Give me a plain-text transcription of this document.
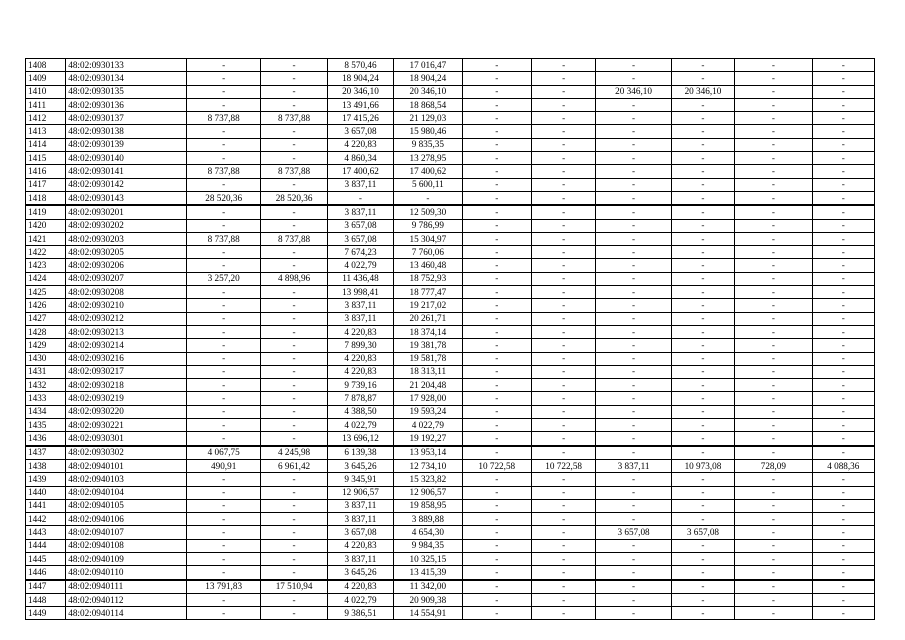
1408	48:02:0930133	-	-	8 570,46	17 016,47	-	-	-	-	-	-
1409	48:02:0930134	-	-	18 904,24	18 904,24	-	-	-	-	-	-
1410	48:02:0930135	-	-	20 346,10	20 346,10	-	-	20 346,10	20 346,10	-	-
1411	48:02:0930136	-	-	13 491,66	18 868,54	-	-	-	-	-	-
1412	48:02:0930137	8 737,88	8 737,88	17 415,26	21 129,03	-	-	-	-	-	-
1413	48:02:0930138	-	-	3 657,08	15 980,46	-	-	-	-	-	-
1414	48:02:0930139	-	-	4 220,83	9 835,35	-	-	-	-	-	-
1415	48:02:0930140	-	-	4 860,34	13 278,95	-	-	-	-	-	-
1416	48:02:0930141	8 737,88	8 737,88	17 400,62	17 400,62	-	-	-	-	-	-
1417	48:02:0930142	-	-	3 837,11	5 600,11	-	-	-	-	-	-
1418	48:02:0930143	28 520,36	28 520,36	-	-	-	-	-	-	-	-
1419	48:02:0930201	-	-	3 837,11	12 509,30	-	-	-	-	-	-
1420	48:02:0930202	-	-	3 657,08	9 786,99	-	-	-	-	-	-
1421	48:02:0930203	8 737,88	8 737,88	3 657,08	15 304,97	-	-	-	-	-	-
1422	48:02:0930205	-	-	7 674,23	7 760,06	-	-	-	-	-	-
1423	48:02:0930206	-	-	4 022,79	13 460,48	-	-	-	-	-	-
1424	48:02:0930207	3 257,20	4 898,96	11 436,48	18 752,93	-	-	-	-	-	-
1425	48:02:0930208	-	-	13 998,41	18 777,47	-	-	-	-	-	-
1426	48:02:0930210	-	-	3 837,11	19 217,02	-	-	-	-	-	-
1427	48:02:0930212	-	-	3 837,11	20 261,71	-	-	-	-	-	-
1428	48:02:0930213	-	-	4 220,83	18 374,14	-	-	-	-	-	-
1429	48:02:0930214	-	-	7 899,30	19 381,78	-	-	-	-	-	-
1430	48:02:0930216	-	-	4 220,83	19 581,78	-	-	-	-	-	-
1431	48:02:0930217	-	-	4 220,83	18 313,11	-	-	-	-	-	-
1432	48:02:0930218	-	-	9 739,16	21 204,48	-	-	-	-	-	-
1433	48:02:0930219	-	-	7 878,87	17 928,00	-	-	-	-	-	-
1434	48:02:0930220	-	-	4 388,50	19 593,24	-	-	-	-	-	-
1435	48:02:0930221	-	-	4 022,79	4 022,79	-	-	-	-	-	-
1436	48:02:0930301	-	-	13 696,12	19 192,27	-	-	-	-	-	-
1437	48:02:0930302	4 067,75	4 245,98	6 139,38	13 953,14	-	-	-	-	-	-
1438	48:02:0940101	490,91	6 961,42	3 645,26	12 734,10	10 722,58	10 722,58	3 837,11	10 973,08	728,09	4 088,36
1439	48:02:0940103	-	-	9 345,91	15 323,82	-	-	-	-	-	-
1440	48:02:0940104	-	-	12 906,57	12 906,57	-	-	-	-	-	-
1441	48:02:0940105	-	-	3 837,11	19 858,95	-	-	-	-	-	-
1442	48:02:0940106	-	-	3 837,11	3 889,88	-	-	-	-	-	-
1443	48:02:0940107	-	-	3 657,08	4 654,30	-	-	3 657,08	3 657,08	-	-
1444	48:02:0940108	-	-	4 220,83	9 984,35	-	-	-	-	-	-
1445	48:02:0940109	-	-	3 837,11	10 325,15	-	-	-	-	-	-
1446	48:02:0940110	-	-	3 645,26	13 415,39	-	-	-	-	-	-
1447	48:02:0940111	13 791,83	17 510,94	4 220,83	11 342,00	-	-	-	-	-	-
1448	48:02:0940112	-	-	4 022,79	20 909,38	-	-	-	-	-	-
1449	48:02:0940114	-	-	9 386,51	14 554,91	-	-	-	-	-	-
